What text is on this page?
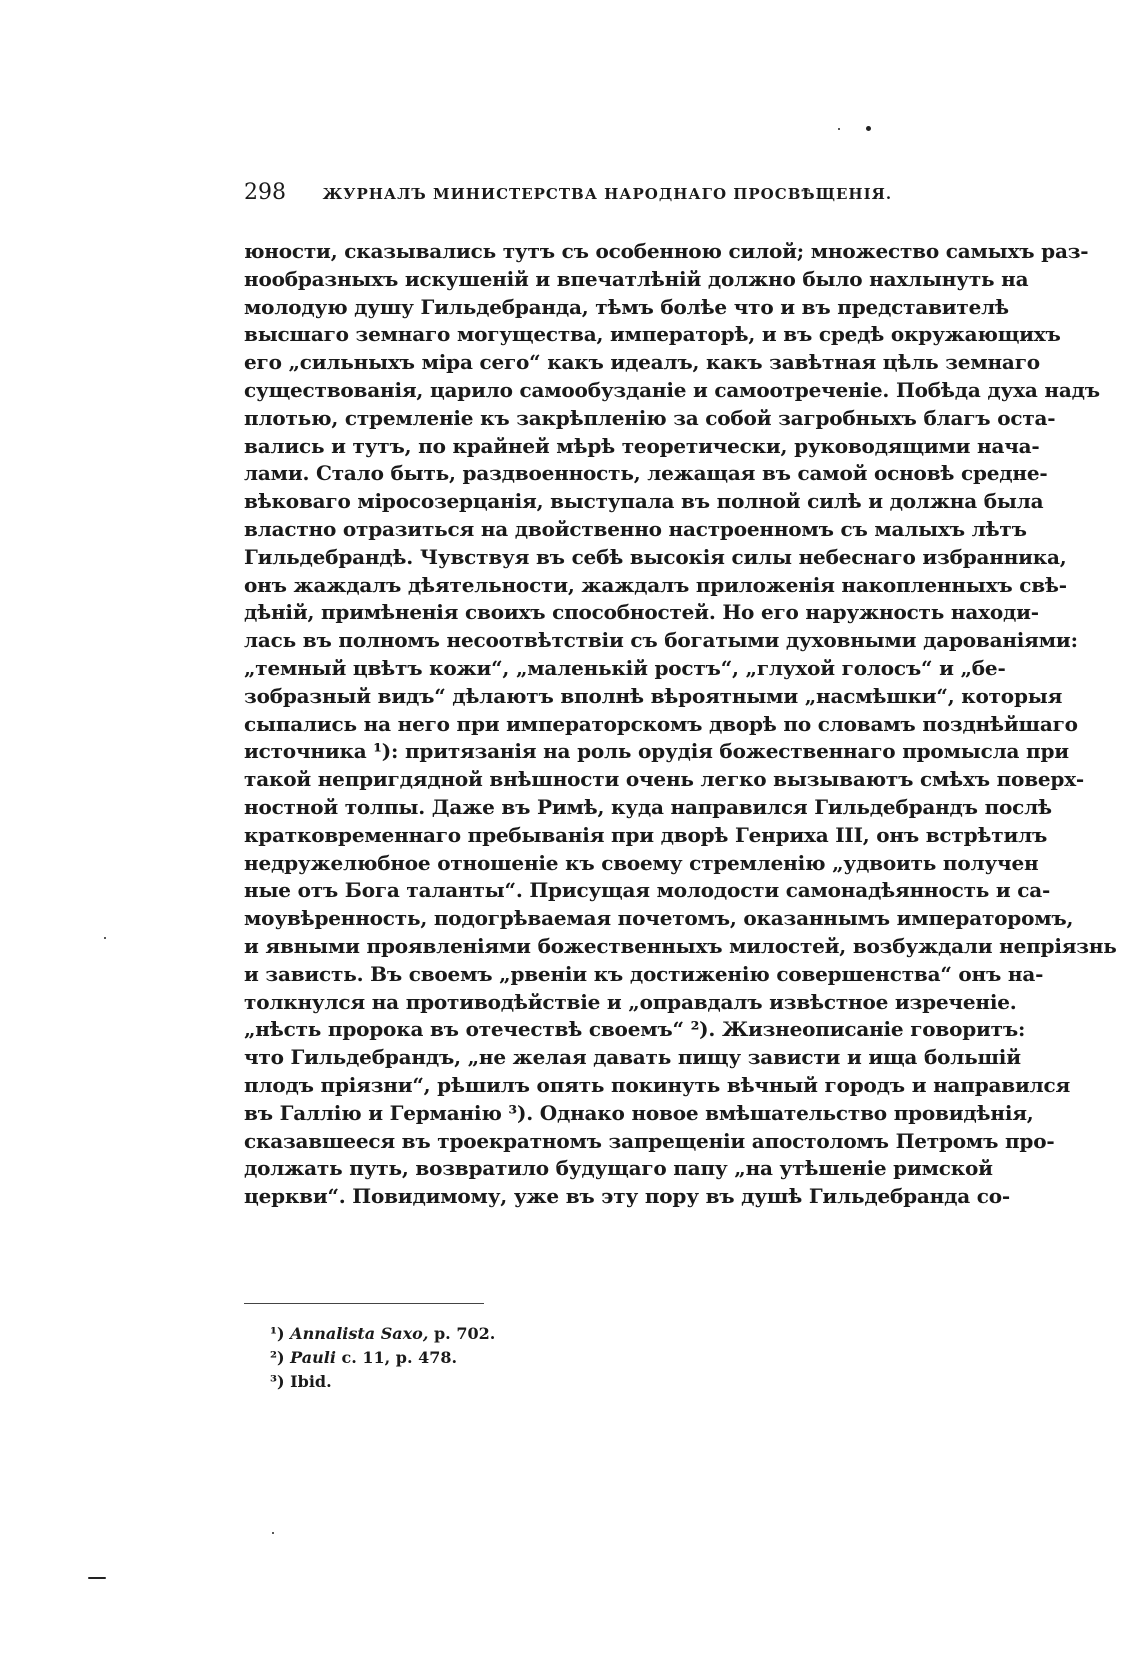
298 ЖУРНАЛЪ МИНИСТЕРСТВА НАРОДНАГО ПРОСВѢЩЕНІЯ.
юности, сказывались тутъ съ особенною силой; множество самыхъ раз-
нообразныхъ искушеній и впечатлѣній должно было нахлынуть на
молодую душу Гильдебранда, тѣмъ болѣе что и въ представителѣ
высшаго земнаго могущества, императорѣ, и въ средѣ окружающихъ
его „сильныхъ міра сего“ какъ идеалъ, какъ завѣтная цѣль земнаго
существованія, царило самообузданіе и самоотреченіе. Побѣда духа надъ
плотью, стремленіе къ закрѣпленію за собой загробныхъ благъ оста-
вались и тутъ, по крайней мѣрѣ теоретически, руководящими нача-
лами. Стало быть, раздвоенность, лежащая въ самой основѣ средне-
вѣковаго міросозерцанія, выступала въ полной силѣ и должна была
властно отразиться на двойственно настроенномъ съ малыхъ лѣтъ
Гильдебрандѣ. Чувствуя въ себѣ высокія силы небеснаго избранника,
онъ жаждалъ дѣятельности, жаждалъ приложенія накопленныхъ свѣ-
дѣній, примѣненія своихъ способностей. Но его наружность находи-
лась въ полномъ несоотвѣтствіи съ богатыми духовными дарованіями:
„темный цвѣтъ кожи“, „маленькій ростъ“, „глухой голосъ“ и „бе-
зобразный видъ“ дѣлаютъ вполнѣ вѣроятными „насмѣшки“, которыя
сыпались на него при императорскомъ дворѣ по словамъ позднѣйшаго
источника ¹): притязанія на роль орудія божественнаго промысла при
такой непригдядной внѣшности очень легко вызываютъ смѣхъ поверх-
ностной толпы. Даже въ Римѣ, куда направился Гильдебрандъ послѣ
кратковременнаго пребыванія при дворѣ Генриха III, онъ встрѣтилъ
недружелюбное отношеніе къ своему стремленію „удвоить получен
ные отъ Бога таланты“. Присущая молодости самонадѣянность и са-
моувѣренность, подогрѣваемая почетомъ, оказаннымъ императоромъ,
и явными проявленіями божественныхъ милостей, возбуждали непріязнь
и зависть. Въ своемъ „рвеніи къ достиженію совершенства“ онъ на-
толкнулся на противодѣйствіе и „оправдалъ извѣстное изреченіе.
„нѣсть пророка въ отечествѣ своемъ“ ²). Жизнеописаніе говоритъ:
что Гильдебрандъ, „не желая давать пищу зависти и ища большій
плодъ пріязни“, рѣшилъ опять покинуть вѣчный городъ и направился
въ Галлію и Германію ³). Однако новое вмѣшательство провидѣнія,
сказавшееся въ троекратномъ запрещеніи апостоломъ Петромъ про-
должать путь, возвратило будущаго папу „на утѣшеніе римской
церкви“. Повидимому, уже въ эту пору въ душѣ Гильдебранда со-
¹) Annalista Saxo, p. 702.
²) Pauli c. 11, p. 478.
³) Ibid.
